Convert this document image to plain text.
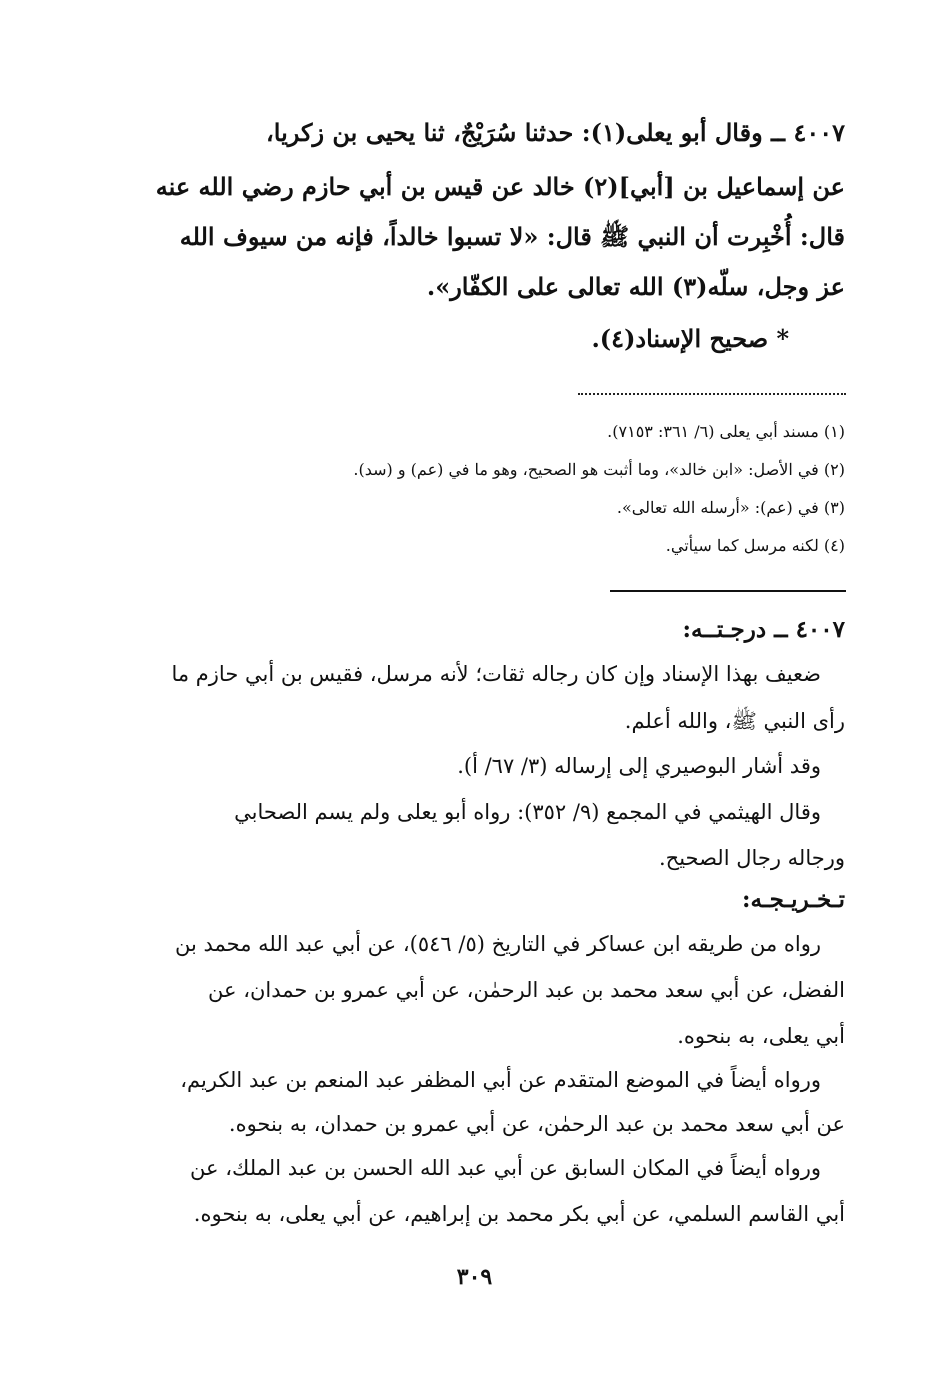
٤٠٠٧ ــ وقال أبو يعلى(١): حدثنا سُرَيْجٌ، ثنا يحيى بن زكريا،
عن إسماعيل بن [أبي](٢) خالد عن قيس بن أبي حازم رضي الله عنه
قال: أُخْبِرت أن النبي ﷺ قال: «لا تسبوا خالداً، فإنه من سيوف الله
عز وجل، سلّه(٣) الله تعالى على الكفّار».
* صحيح الإسناد(٤).
(١) مسند أبي يعلى (٦/ ٣٦١: ٧١٥٣).
(٢) في الأصل: «ابن خالد»، وما أثبت هو الصحيح، وهو ما في (عم) و (سد).
(٣) في (عم): «أرسله الله تعالى».
(٤) لكنه مرسل كما سيأتي.
٤٠٠٧ ــ درجـتــه:
ضعيف بهذا الإسناد وإن كان رجاله ثقات؛ لأنه مرسل، فقيس بن أبي حازم ما
رأى النبي ﷺ، والله أعلم.
وقد أشار البوصيري إلى إرساله (٣/ ٦٧/ أ).
وقال الهيثمي في المجمع (٩/ ٣٥٢): رواه أبو يعلى ولم يسم الصحابي
ورجاله رجال الصحيح.
تـخـريـجـه:
رواه من طريقه ابن عساكر في التاريخ (٥/ ٥٤٦)، عن أبي عبد الله محمد بن
الفضل، عن أبي سعد محمد بن عبد الرحمٰن، عن أبي عمرو بن حمدان، عن
أبي يعلى، به بنحوه.
ورواه أيضاً في الموضع المتقدم عن أبي المظفر عبد المنعم بن عبد الكريم،
عن أبي سعد محمد بن عبد الرحمٰن، عن أبي عمرو بن حمدان، به بنحوه.
ورواه أيضاً في المكان السابق عن أبي عبد الله الحسن بن عبد الملك، عن
أبي القاسم السلمي، عن أبي بكر محمد بن إبراهيم، عن أبي يعلى، به بنحوه.
٣٠٩
